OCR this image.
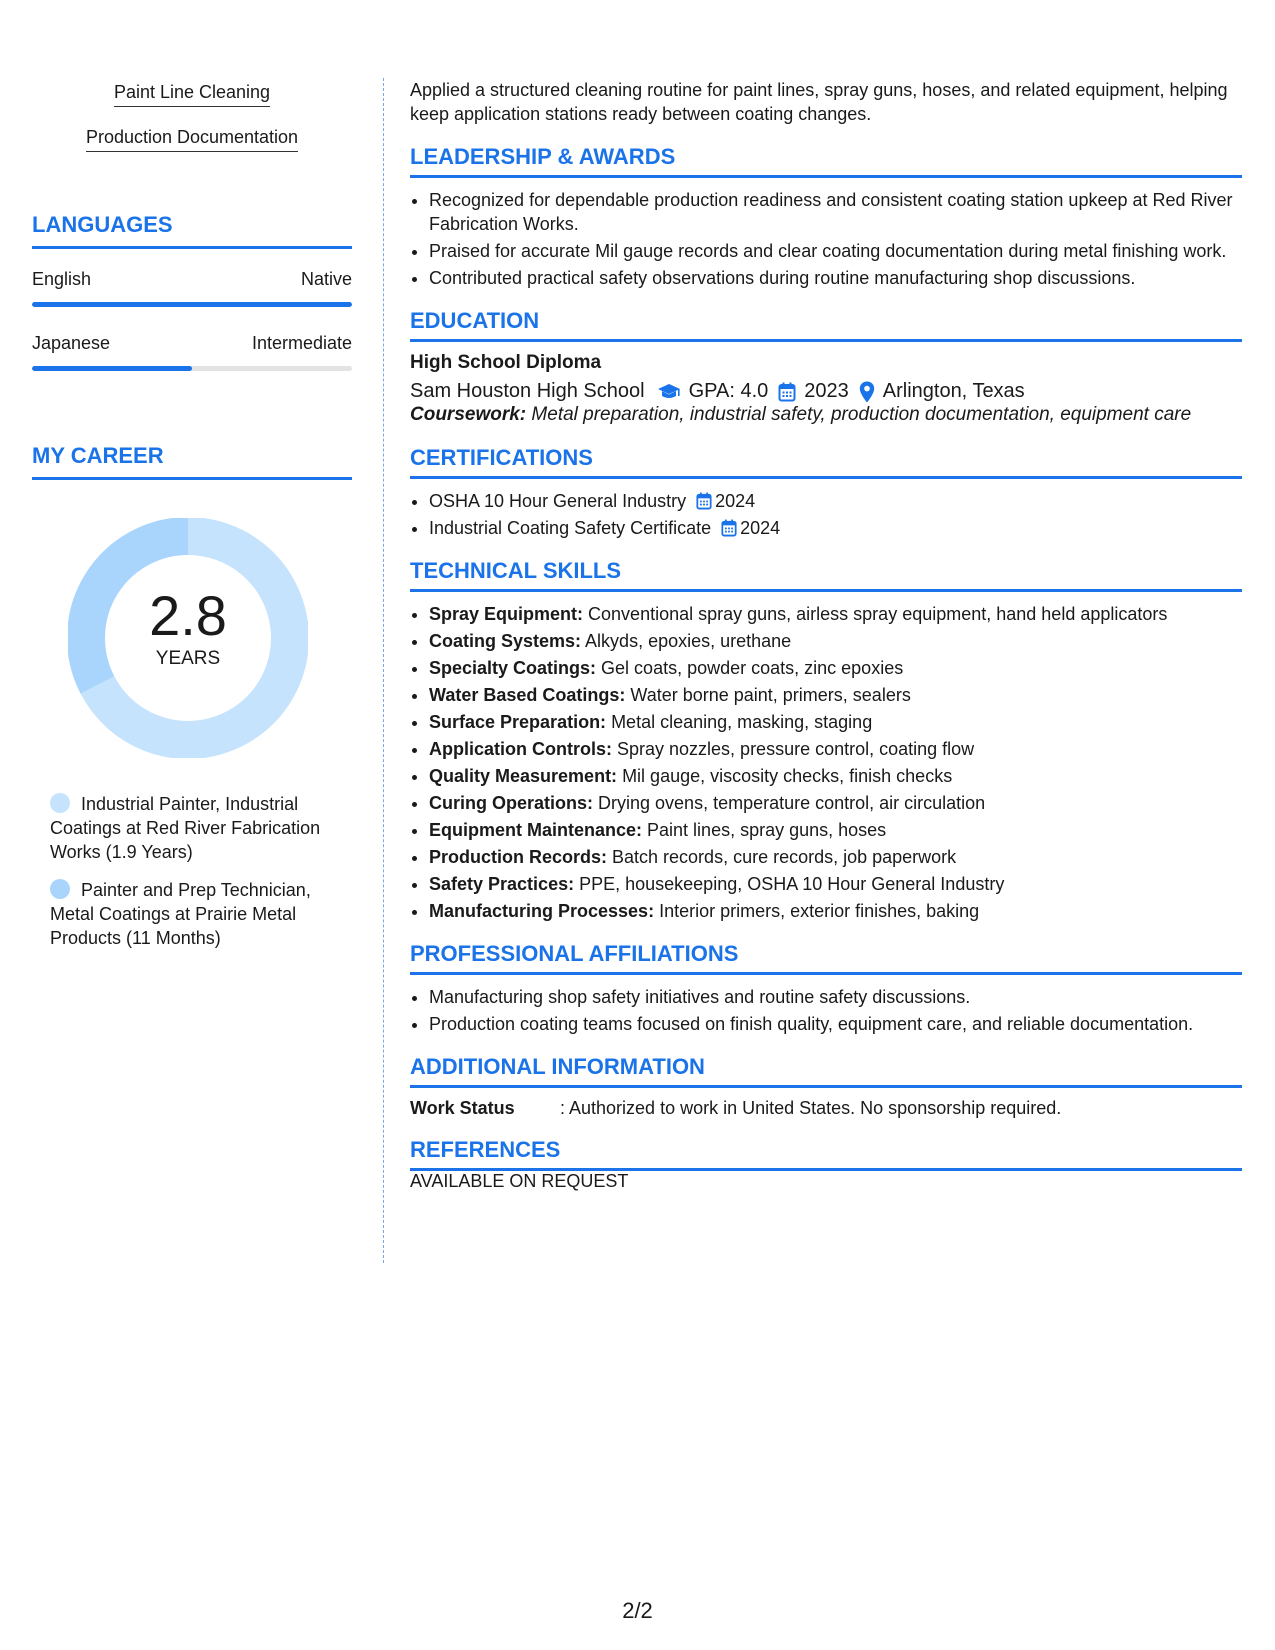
Paint Line Cleaning
Production Documentation
LANGUAGES
English	Native
Japanese	Intermediate
MY CAREER
2.8
YEARS
Industrial Painter, Industrial Coatings at Red River Fabrication Works (1.9 Years)
Painter and Prep Technician, Metal Coatings at Prairie Metal Products (11 Months)

Applied a structured cleaning routine for paint lines, spray guns, hoses, and related equipment, helping keep application stations ready between coating changes.

LEADERSHIP & AWARDS
• Recognized for dependable production readiness and consistent coating station upkeep at Red River Fabrication Works.
• Praised for accurate Mil gauge records and clear coating documentation during metal finishing work.
• Contributed practical safety observations during routine manufacturing shop discussions.
EDUCATION
High School Diploma
Sam Houston High School GPA: 4.0 2023 Arlington, Texas

Coursework: Metal preparation, industrial safety, production documentation, equipment care

CERTIFICATIONS
• OSHA 10 Hour General Industry 2024
• Industrial Coating Safety Certificate 2024
TECHNICAL SKILLS
• Spray Equipment: Conventional spray guns, airless spray equipment, hand held applicators
• Coating Systems: Alkyds, epoxies, urethane
• Specialty Coatings: Gel coats, powder coats, zinc epoxies
• Water Based Coatings: Water borne paint, primers, sealers
• Surface Preparation: Metal cleaning, masking, staging
• Application Controls: Spray nozzles, pressure control, coating flow
• Quality Measurement: Mil gauge, viscosity checks, finish checks
• Curing Operations: Drying ovens, temperature control, air circulation
• Equipment Maintenance: Paint lines, spray guns, hoses
• Production Records: Batch records, cure records, job paperwork
• Safety Practices: PPE, housekeeping, OSHA 10 Hour General Industry
• Manufacturing Processes: Interior primers, exterior finishes, baking
PROFESSIONAL AFFILIATIONS
• Manufacturing shop safety initiatives and routine safety discussions.
• Production coating teams focused on finish quality, equipment care, and reliable documentation.
ADDITIONAL INFORMATION
Work Status	: Authorized to work in United States. No sponsorship required.
REFERENCES

AVAILABLE ON REQUEST

2/2
